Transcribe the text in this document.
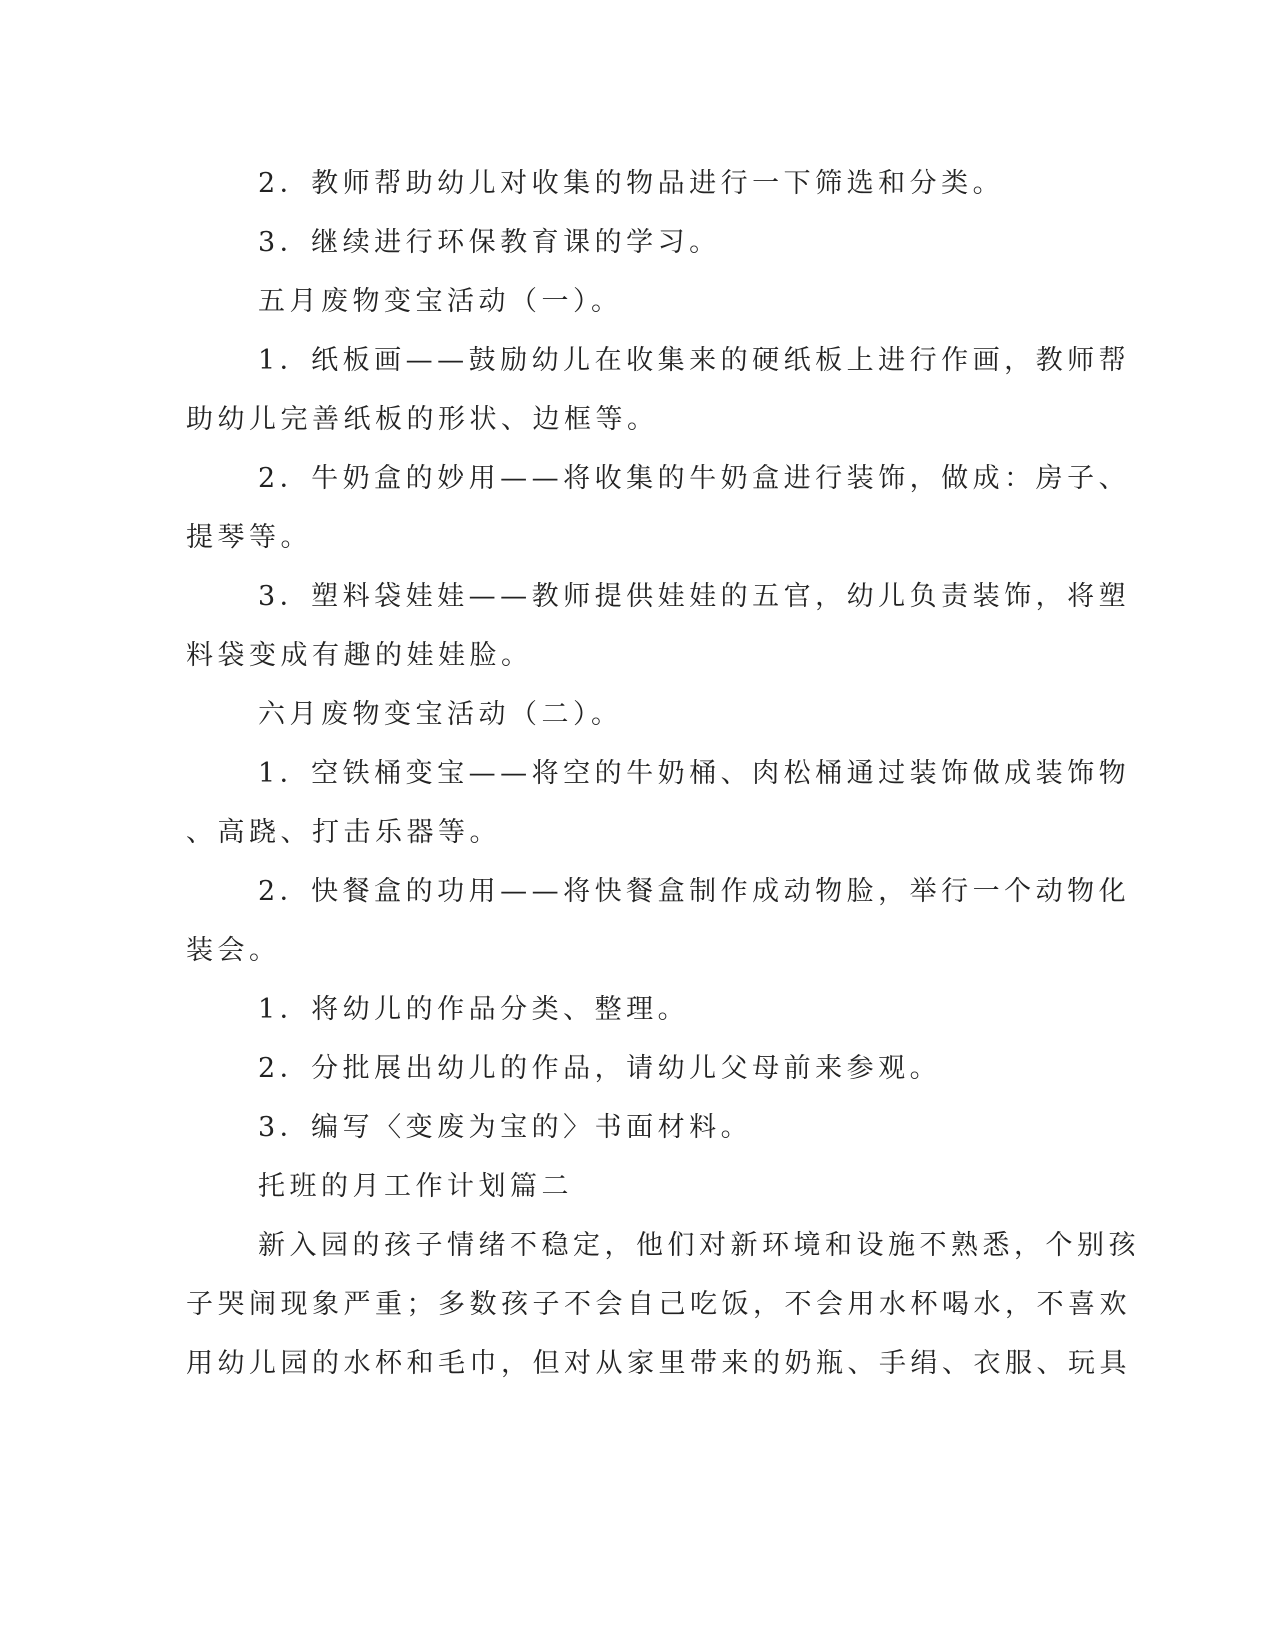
2．教师帮助幼儿对收集的物品进行一下筛选和分类。
3．继续进行环保教育课的学习。
五月废物变宝活动（一）。
1．纸板画——鼓励幼儿在收集来的硬纸板上进行作画，教师帮
助幼儿完善纸板的形状、边框等。
2．牛奶盒的妙用——将收集的牛奶盒进行装饰，做成：房子、
提琴等。
3．塑料袋娃娃——教师提供娃娃的五官，幼儿负责装饰，将塑
料袋变成有趣的娃娃脸。
六月废物变宝活动（二）。
1．空铁桶变宝——将空的牛奶桶、肉松桶通过装饰做成装饰物
、高跷、打击乐器等。
2．快餐盒的功用——将快餐盒制作成动物脸，举行一个动物化
装会。
1．将幼儿的作品分类、整理。
2．分批展出幼儿的作品，请幼儿父母前来参观。
3．编写〈变废为宝的〉书面材料。
托班的月工作计划篇二
新入园的孩子情绪不稳定，他们对新环境和设施不熟悉，个别孩
子哭闹现象严重；多数孩子不会自己吃饭，不会用水杯喝水，不喜欢
用幼儿园的水杯和毛巾，但对从家里带来的奶瓶、手绢、衣服、玩具
